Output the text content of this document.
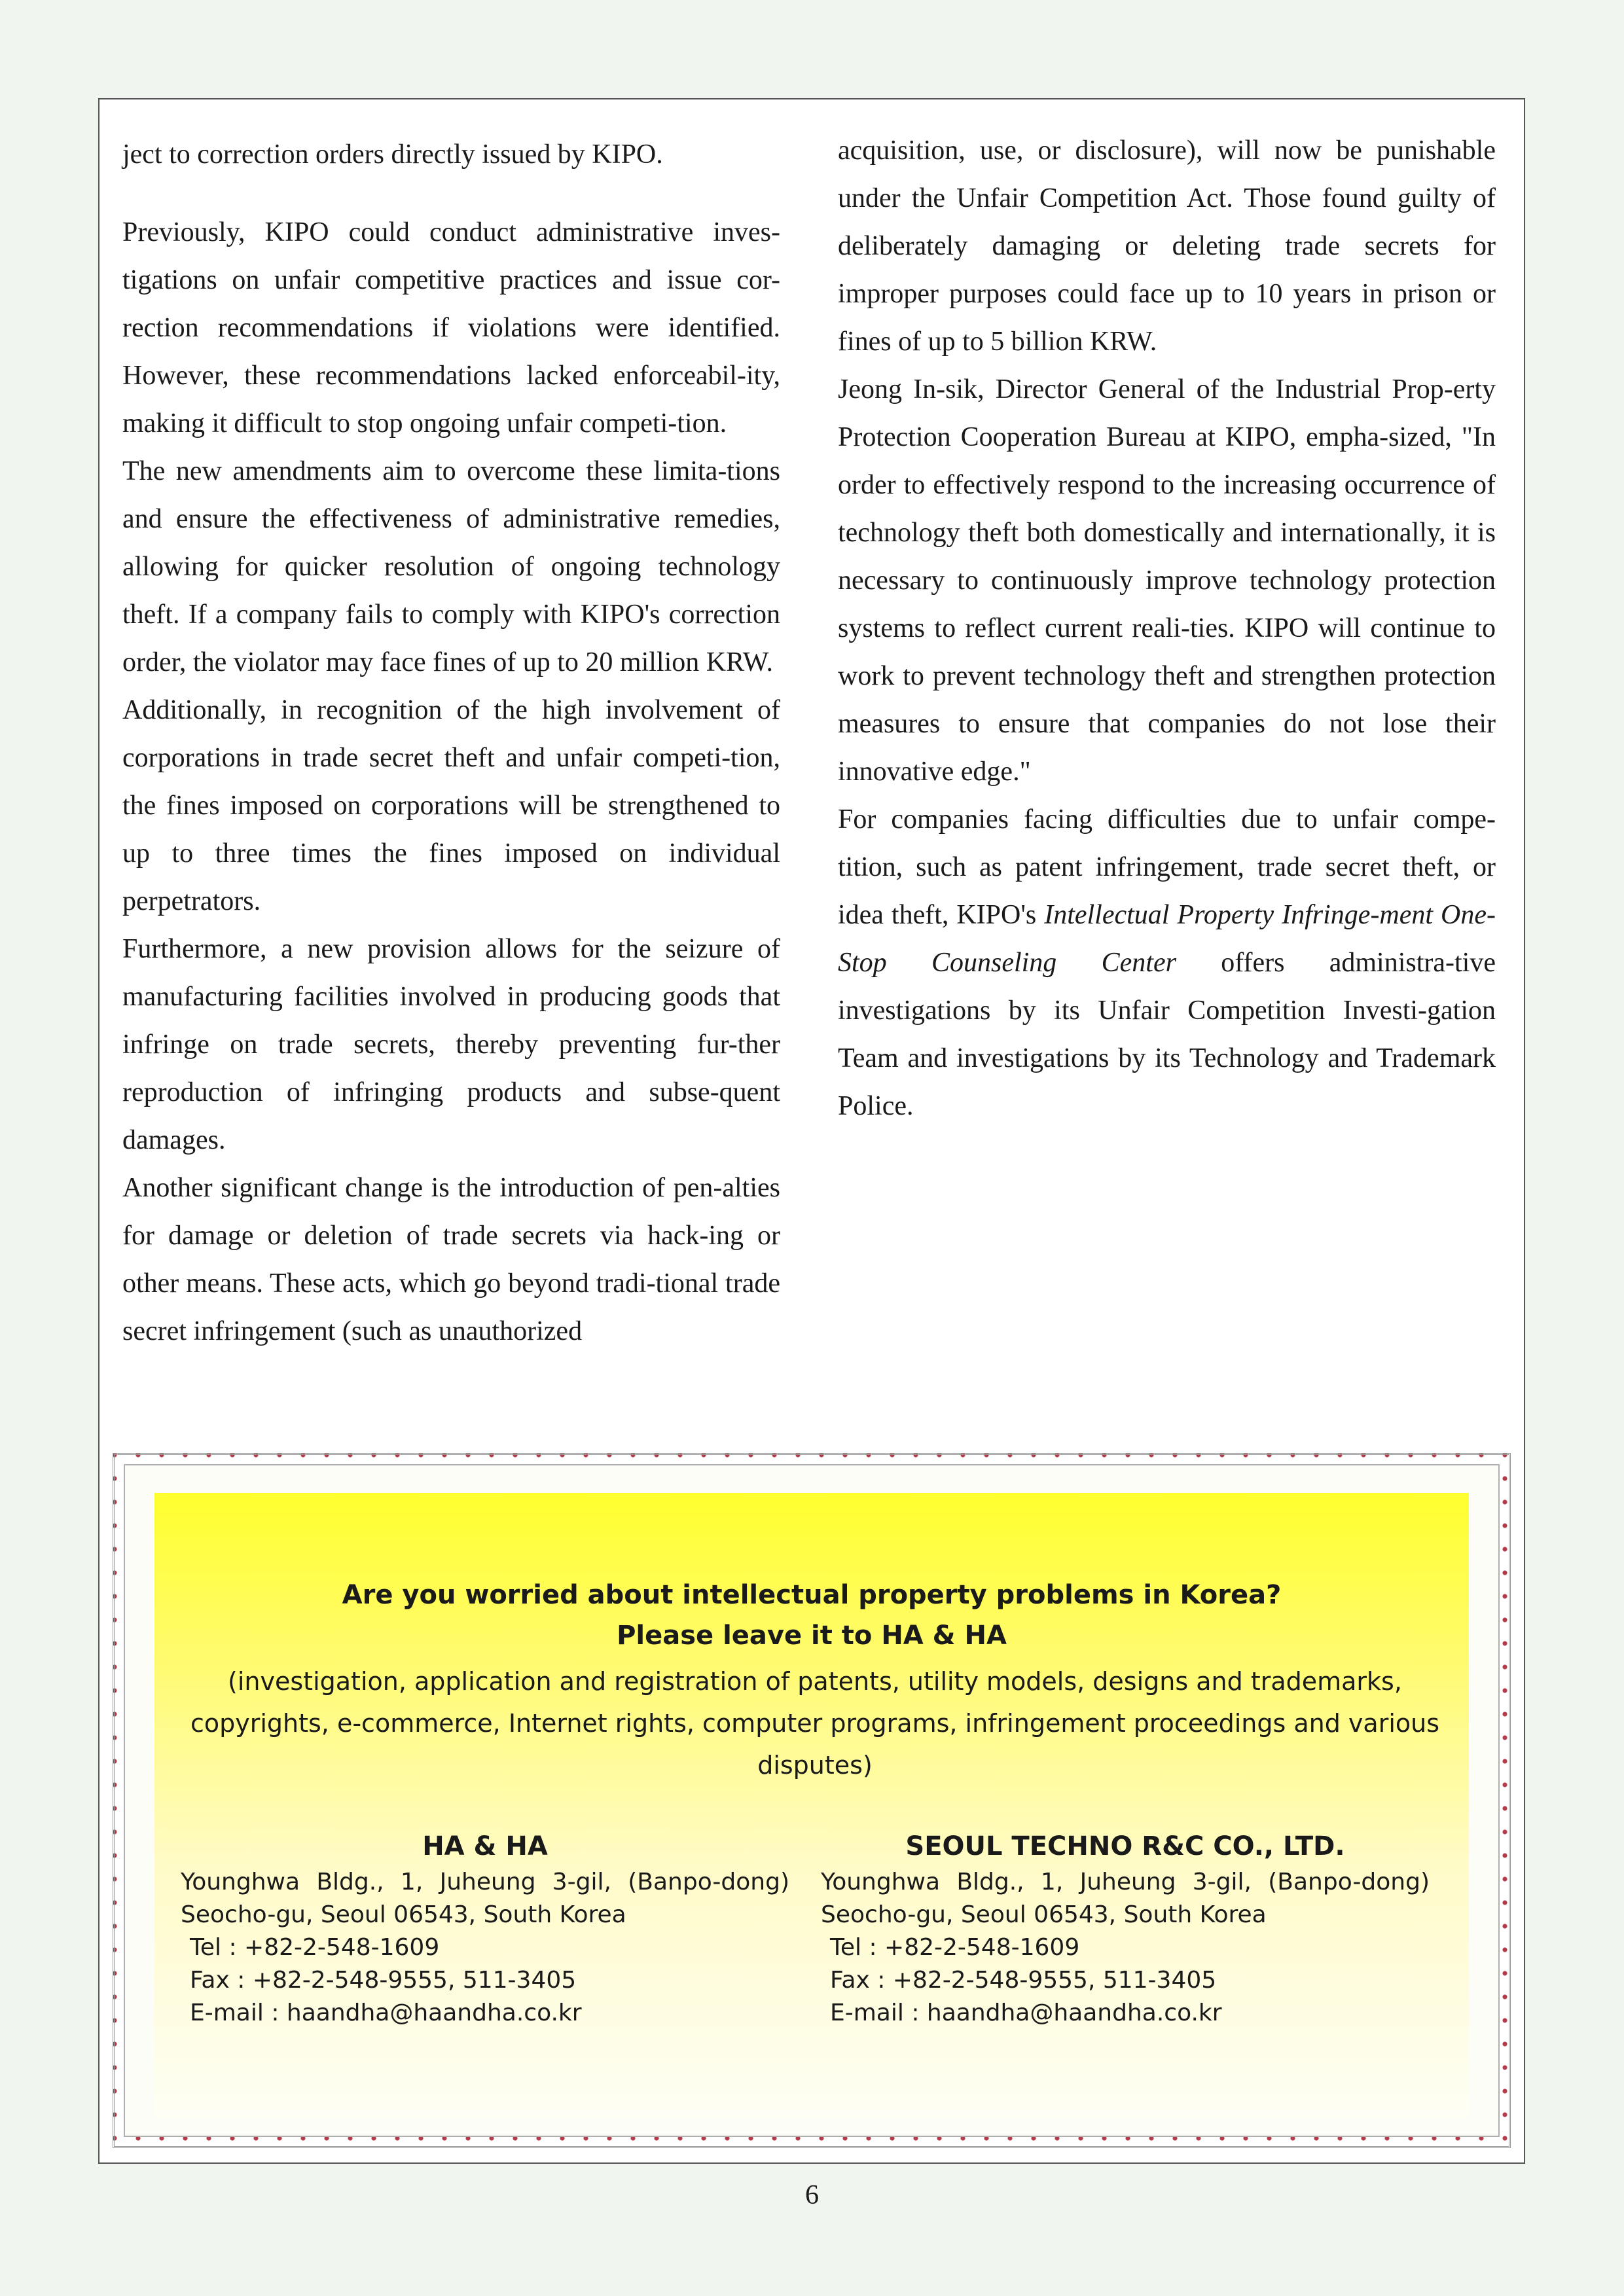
ject to correction orders directly issued by KIPO.

Previously, KIPO could conduct administrative inves-tigations on unfair competitive practices and issue cor-rection recommendations if violations were identified. However, these recommendations lacked enforceabil-ity, making it difficult to stop ongoing unfair competi-tion.

The new amendments aim to overcome these limita-tions and ensure the effectiveness of administrative remedies, allowing for quicker resolution of ongoing technology theft. If a company fails to comply with KIPO's correction order, the violator may face fines of up to 20 million KRW.

Additionally, in recognition of the high involvement of corporations in trade secret theft and unfair competi-tion, the fines imposed on corporations will be strengthened to up to three times the fines imposed on individual perpetrators.

Furthermore, a new provision allows for the seizure of manufacturing facilities involved in producing goods that infringe on trade secrets, thereby preventing fur-ther reproduction of infringing products and subse-quent damages.

Another significant change is the introduction of pen-alties for damage or deletion of trade secrets via hack-ing or other means. These acts, which go beyond tradi-tional trade secret infringement (such as unauthorized

acquisition, use, or disclosure), will now be punishable under the Unfair Competition Act. Those found guilty of deliberately damaging or deleting trade secrets for improper purposes could face up to 10 years in prison or fines of up to 5 billion KRW.

Jeong In-sik, Director General of the Industrial Prop-erty Protection Cooperation Bureau at KIPO, empha-sized, "In order to effectively respond to the increasing occurrence of technology theft both domestically and internationally, it is necessary to continuously improve technology protection systems to reflect current reali-ties. KIPO will continue to work to prevent technology theft and strengthen protection measures to ensure that companies do not lose their innovative edge."

For companies facing difficulties due to unfair compe-tition, such as patent infringement, trade secret theft, or idea theft, KIPO's Intellectual Property Infringe-ment One-Stop Counseling Center offers administra-tive investigations by its Unfair Competition Investi-gation Team and investigations by its Technology and Trademark Police.

Are you worried about intellectual property problems in Korea?
Please leave it to HA & HA
(investigation, application and registration of patents, utility models, designs and trademarks, copyrights, e-commerce, Internet rights, computer programs, infringement proceedings and various disputes)
HA & HA
Younghwa Bldg., 1, Juheung 3-gil, (Banpo-dong)
Seocho-gu, Seoul 06543, South Korea
Tel : +82-2-548-1609
Fax : +82-2-548-9555, 511-3405
E-mail : haandha@haandha.co.kr
SEOUL TECHNO R&C CO., LTD.
Younghwa Bldg., 1, Juheung 3-gil, (Banpo-dong)
Seocho-gu, Seoul 06543, South Korea
Tel : +82-2-548-1609
Fax : +82-2-548-9555, 511-3405
E-mail : haandha@haandha.co.kr
6
